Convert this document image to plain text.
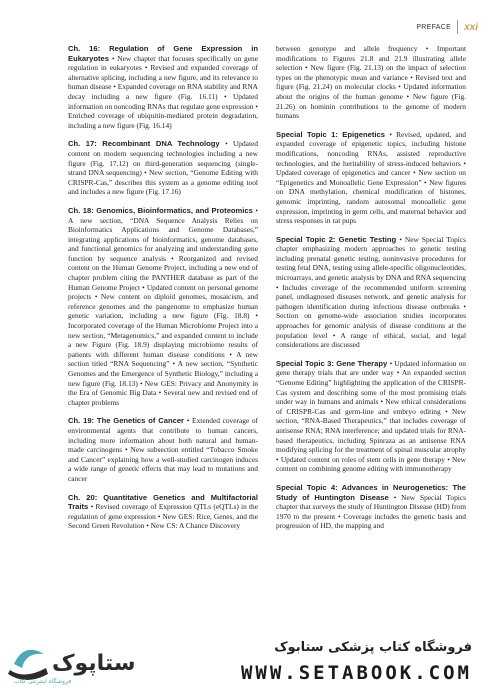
PREFACE xxi
Ch. 16: Regulation of Gene Expression in Eukaryotes

• New chapter that focuses specifically on gene regulation in eukaryotes • Revised and expanded coverage of alternative splicing, including a new figure, and its relevance to human disease • Expanded coverage on RNA stability and RNA decay including a new figure (Fig. 16.11) • Updated information on noncoding RNAs that regulate gene expression • Enriched coverage of ubiquitin-mediated protein degradation, including a new figure (Fig. 16.14)

Ch. 17: Recombinant DNA Technology

• Updated content on modern sequencing technologies including a new figure (Fig. 17.12) on third-generation sequencing (single-strand DNA sequencing) • New section, “Genome Editing with CRISPR-Cas,” describes this system as a genome editing tool and includes a new figure (Fig. 17.16)

Ch. 18: Genomics, Bioinformatics, and Proteomics

• A new section, “DNA Sequence Analysis Relies on Bioinformatics Applications and Genome Databases,” integrating applications of bioinformatics, genome databases, and functional genomics for analyzing and understanding gene function by sequence analysis • Reorganized and revised content on the Human Genome Project, including a new end of chapter problem citing the PANTHER database as part of the Human Genome Project • Updated content on personal genome projects • New content on diploid genomes, mosaicism, and reference genomes and the pangenome to emphasize human genetic variation, including a new figure (Fig. 18.8) • Incorporated coverage of the Human Microbiome Project into a new section, “Metagenomics,” and expanded content to include a new Figure (Fig. 18.9) displaying microbiome results of patients with different human disease conditions • A new section titled “RNA Sequencing” • A new section, “Synthetic Genomes and the Emergence of Synthetic Biology,” including a new figure (Fig. 18.13) • New GES: Privacy and Anonymity in the Era of Genomic Big Data • Several new and revised end of chapter problems

Ch. 19: The Genetics of Cancer

• Extended coverage of environmental agents that contribute to human cancers, including more information about both natural and human-made carcinogens • New subsection entitled “Tobacco Smoke and Cancer” explaining how a well-studied carcinogen induces a wide range of genetic effects that may lead to mutations and cancer

Ch. 20: Quantitative Genetics and Multifactorial Traits

• Revised coverage of Expression QTLs (eQTLs) in the regulation of gene expression • New GES: Rice, Genes, and the Second Green Revolution • New CS: A Chance Discovery

between genotype and allele frequency • Important modifications to Figures 21.8 and 21.9 illustrating allele selection • New figure (Fig. 21.13) on the impact of selection types on the phenotypic mean and variance • Revised text and figure (Fig. 21.24) on molecular clocks • Updated information about the origins of the human genome • New figure (Fig. 21.26) on hominin contributions to the genome of modern humans

Special Topic 1: Epigenetics

• Revised, updated, and expanded coverage of epigenetic topics, including histone modifications, noncoding RNAs, assisted reproductive technologies, and the heritability of stress-induced behaviors • Updated coverage of epigenetics and cancer • New section on “Epigenetics and Monoallelic Gene Expression” • New figures on DNA methylation, chemical modification of histones, genomic imprinting, random autosomal monoallelic gene expression, imprinting in germ cells, and maternal behavior and stress responses in rat pups

Special Topic 2: Genetic Testing

• New Special Topics chapter emphasizing modern approaches to genetic testing including prenatal genetic testing, noninvasive procedures for testing fetal DNA, testing using allele-specific oligonucleotides, microarrays, and genetic analysis by DNA and RNA sequencing • Includes coverage of the recommended uniform screening panel, undiagnosed diseases network, and genetic analysis for pathogen identification during infectious disease outbreaks • Section on genome-wide association studies incorporates approaches for genomic analysis of disease conditions at the population level • A range of ethical, social, and legal considerations are discussed

Special Topic 3: Gene Therapy

• Updated information on gene therapy trials that are under way • An expanded section “Genome Editing” highlighting the application of the CRISPR-Cas system and describing some of the most promising trials under way in humans and animals • New ethical considerations of CRISPR-Cas and germ-line and embryo editing • New section, “RNA-Based Therapeutics,” that includes coverage of antisense RNA; RNA interference; and updated trials for RNA-based therapeutics, including Spinraza as an antisense RNA modifying splicing for the treatment of spinal muscular atrophy • Updated content on roles of stem cells in gene therapy • New content on combining genome editing with immunotherapy

Special Topic 4: Advances in Neurogenetics: The Study of Huntington Disease

• New Special Topics chapter that surveys the study of Huntington Disease (HD) from 1970 to the present • Coverage includes the genetic basis and progression of HD, the mapping and

ستاپوک
فروشگاه اینترنتی کتاب
فروشگاه کتاب پزشکی ستابوک
WWW.SETABOOK.COM
